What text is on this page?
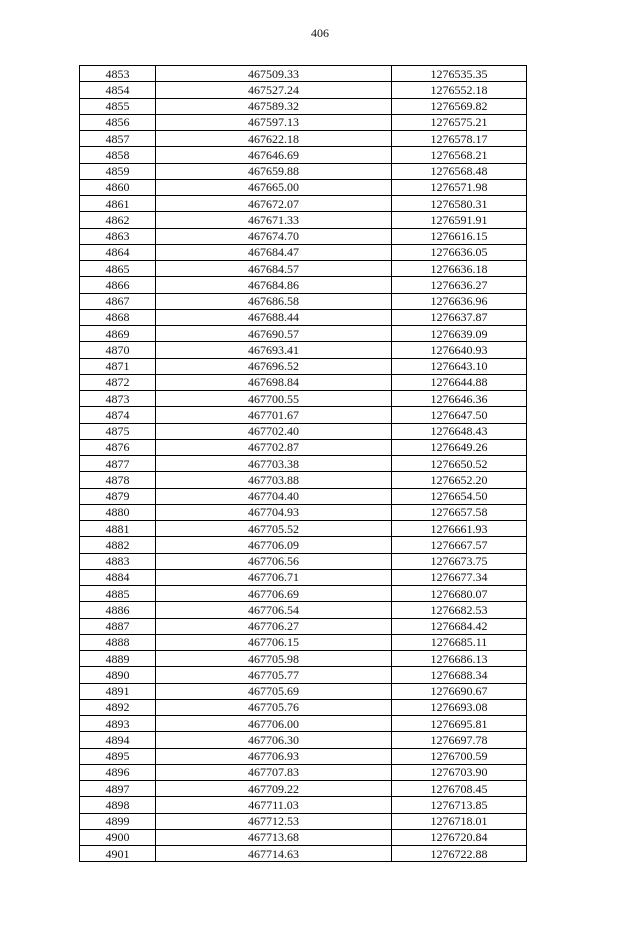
406
4853	467509.33	1276535.35
4854	467527.24	1276552.18
4855	467589.32	1276569.82
4856	467597.13	1276575.21
4857	467622.18	1276578.17
4858	467646.69	1276568.21
4859	467659.88	1276568.48
4860	467665.00	1276571.98
4861	467672.07	1276580.31
4862	467671.33	1276591.91
4863	467674.70	1276616.15
4864	467684.47	1276636.05
4865	467684.57	1276636.18
4866	467684.86	1276636.27
4867	467686.58	1276636.96
4868	467688.44	1276637.87
4869	467690.57	1276639.09
4870	467693.41	1276640.93
4871	467696.52	1276643.10
4872	467698.84	1276644.88
4873	467700.55	1276646.36
4874	467701.67	1276647.50
4875	467702.40	1276648.43
4876	467702.87	1276649.26
4877	467703.38	1276650.52
4878	467703.88	1276652.20
4879	467704.40	1276654.50
4880	467704.93	1276657.58
4881	467705.52	1276661.93
4882	467706.09	1276667.57
4883	467706.56	1276673.75
4884	467706.71	1276677.34
4885	467706.69	1276680.07
4886	467706.54	1276682.53
4887	467706.27	1276684.42
4888	467706.15	1276685.11
4889	467705.98	1276686.13
4890	467705.77	1276688.34
4891	467705.69	1276690.67
4892	467705.76	1276693.08
4893	467706.00	1276695.81
4894	467706.30	1276697.78
4895	467706.93	1276700.59
4896	467707.83	1276703.90
4897	467709.22	1276708.45
4898	467711.03	1276713.85
4899	467712.53	1276718.01
4900	467713.68	1276720.84
4901	467714.63	1276722.88
